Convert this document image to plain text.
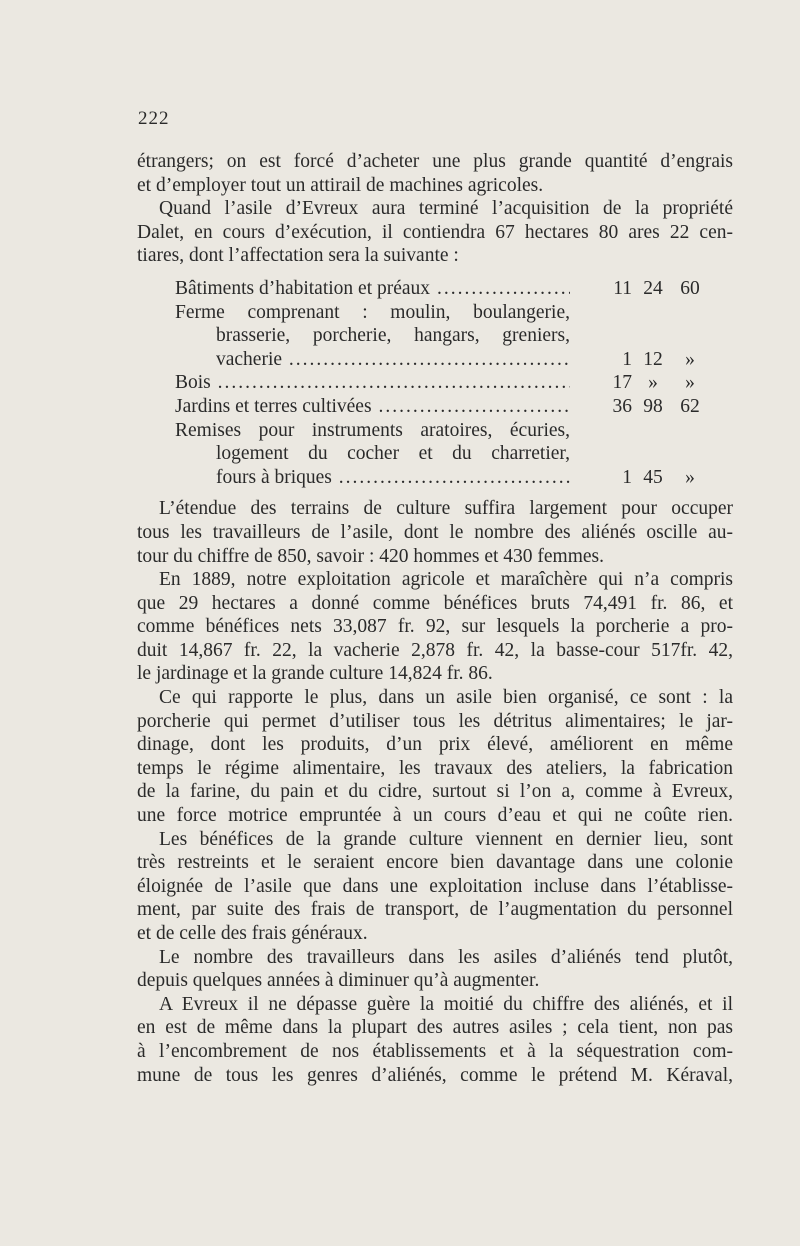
222

étrangers; on est forcé d’acheter une plus grande quantité d’engrais
et d’employer tout un attirail de machines agricoles.

Quand l’asile d’Evreux aura terminé l’acquisition de la propriété
Dalet, en cours d’exécution, il contiendra 67 hectares 80 ares 22 cen-
tiares, dont l’affectation sera la suivante :

Bâtiments d’habitation et préaux .....	11 24 60
Ferme comprenant : moulin, boulangerie,
brasserie, porcherie, hangars, greniers,
vacherie .....	1 12	»
Bois .....	17 »	»
Jardins et terres cultivées .....	36 98 62
Remises pour instruments aratoires, écuries,
logement du cocher et du charretier,
fours à briques .....	1 45	»

L’étendue des terrains de culture suffira largement pour occuper
tous les travailleurs de l’asile, dont le nombre des aliénés oscille au-
tour du chiffre de 850, savoir : 420 hommes et 430 femmes.

En 1889, notre exploitation agricole et maraîchère qui n’a compris
que 29 hectares a donné comme bénéfices bruts 74,491 fr. 86, et
comme bénéfices nets 33,087 fr. 92, sur lesquels la porcherie a pro-
duit 14,867 fr. 22, la vacherie 2,878 fr. 42, la basse-cour 517fr. 42,
le jardinage et la grande culture 14,824 fr. 86.

Ce qui rapporte le plus, dans un asile bien organisé, ce sont : la
porcherie qui permet d’utiliser tous les détritus alimentaires; le jar-
dinage, dont les produits, d’un prix élevé, améliorent en même
temps le régime alimentaire, les travaux des ateliers, la fabrication
de la farine, du pain et du cidre, surtout si l’on a, comme à Evreux,
une force motrice empruntée à un cours d’eau et qui ne coûte rien.

Les bénéfices de la grande culture viennent en dernier lieu, sont
très restreints et le seraient encore bien davantage dans une colonie
éloignée de l’asile que dans une exploitation incluse dans l’établisse-
ment, par suite des frais de transport, de l’augmentation du personnel
et de celle des frais généraux.

Le nombre des travailleurs dans les asiles d’aliénés tend plutôt,
depuis quelques années à diminuer qu’à augmenter.

A Evreux il ne dépasse guère la moitié du chiffre des aliénés, et il
en est de même dans la plupart des autres asiles ; cela tient, non pas
à l’encombrement de nos établissements et à la séquestration com-
mune de tous les genres d’aliénés, comme le prétend M. Kéraval,
